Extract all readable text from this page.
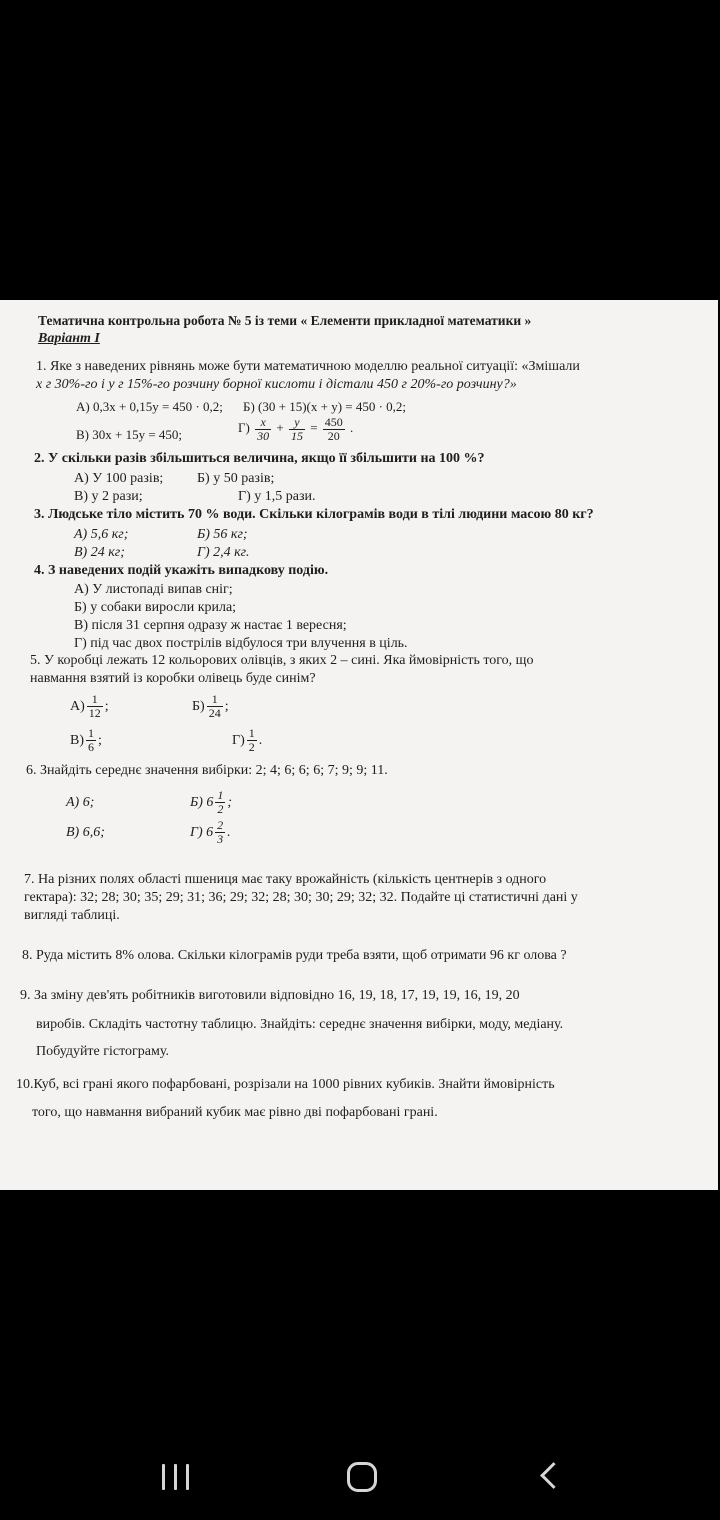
Тематична контрольна робота № 5 із теми « Елементи прикладної математики »
Варіант І
1. Яке з наведених рівнянь може бути математичною моделлю реальної ситуації: «Змішали
x г 30%-го і y г 15%-го розчину борної кислоти і дістали 450 г 20%-го розчину?»
А) 0,3x + 0,15y = 450 · 0,2; Б) (30 + 15)(x + y) = 450 · 0,2;
В) 30x + 15y = 450;	$Г) \frac{x}{30} + \frac{y}{15} = \frac{450}{20}$ .
2. У скільки разів збільшиться величина, якщо її збільшити на 100 %?
А) У 100 разів; Б) у 50 разів;
В) у 2 рази;	Г) у 1,5 рази.
3. Людське тіло містить 70 % води. Скільки кілограмів води в тілі людини масою 80 кг?
А) 5,6 кг;	Б) 56 кг;
В) 24 кг;	Г) 2,4 кг.
4. З наведених подій укажіть випадкову подію.
А) У листопаді випав сніг;
Б) у собаки виросли крила;
В) після 31 серпня одразу ж настає 1 вересня;
Г) під час двох пострілів відбулося три влучення в ціль.
5. У коробці лежать 12 кольорових олівців, з яких 2 – сині. Яка ймовірність того, що
навмання взятий із коробки олівець буде синім?
$А) \frac{1}{12}$ ;	$Б) \frac{1}{24}$ ;
$В) \frac{1}{6}$ ;	$Г) \frac{1}{2}$ .
6. Знайдіть середнє значення вибірки: 2; 4; 6; 6; 6; 7; 9; 9; 11.
А) 6;	Б) $6 \frac{1}{2}$ ;
В) 6,6;	Г) $6 \frac{2}{3}$ .
7. На різних полях області пшениця має таку врожайність (кількість центнерів з одного
гектара): 32; 28; 30; 35; 29; 31; 36; 29; 32; 28; 30; 30; 29; 32; 32. Подайте ці статистичні дані у
вигляді таблиці.
8. Руда містить 8% олова. Скільки кілограмів руди треба взяти, щоб отримати 96 кг олова ?
9. За зміну дев'ять робітників виготовили відповідно 16, 19, 18, 17, 19, 19, 16, 19, 20
виробів. Складіть частотну таблицю. Знайдіть: середнє значення вибірки, моду, медіану.
Побудуйте гістограму.
10.Куб, всі грані якого пофарбовані, розрізали на 1000 рівних кубиків. Знайти ймовірність
того, що навмання вибраний кубик має рівно дві пофарбовані грані.
